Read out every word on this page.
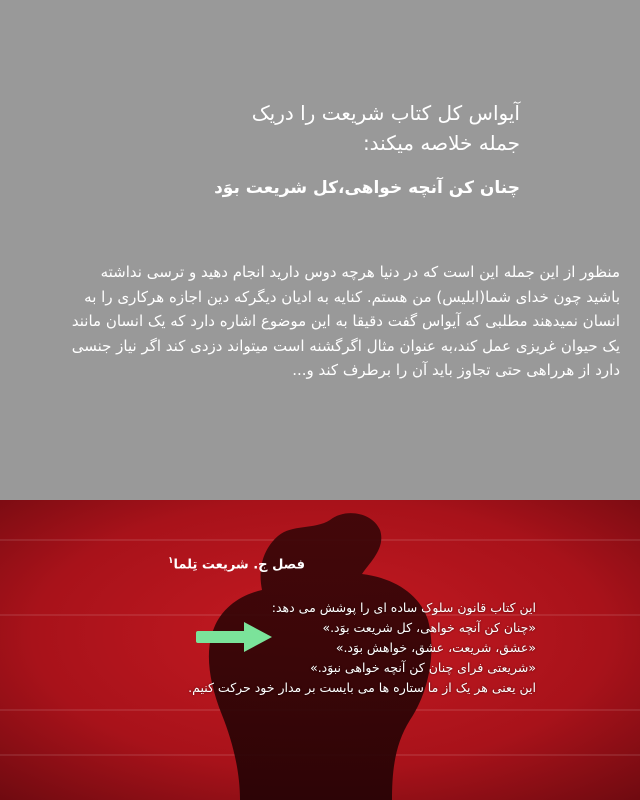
آیواس کل کتاب شریعت را دریک
جمله خلاصه میکند:

چنان کن آنچه خواهی،کل شریعت بوَد

منظور از این جمله این است که در دنیا هرچه دوس دارید انجام دهید و ترسی نداشته باشید چون خدای شما(ابلیس) من هستم. کنایه به ادیان دیگرکه دین اجازه هرکاری را به انسان نمیدهند مطلبی که آیواس گفت دقیقا به این موضوع اشاره دارد که یک انسان مانند یک حیوان غریزی عمل کند،به عنوان مثال اگرگشنه است میتواند دزدی کند اگر نیاز جنسی دارد از هرراهی حتی تجاوز باید آن را برطرف کند و...

فصل ج. شریعت تِلما$^۱$
این کتاب قانون سلوک ساده ای را پوشش می دهد:
«چنان کن آنچه خواهی، کل شریعت بوَد.»
«عشق، شریعت، عشق، خواهش بوَد.»
«شریعتی فرای چنان کن آنچه خواهی نبوَد.»
این یعنی هر یک از ما ستاره ها می بایست بر مدار خود حرکت کنیم.
